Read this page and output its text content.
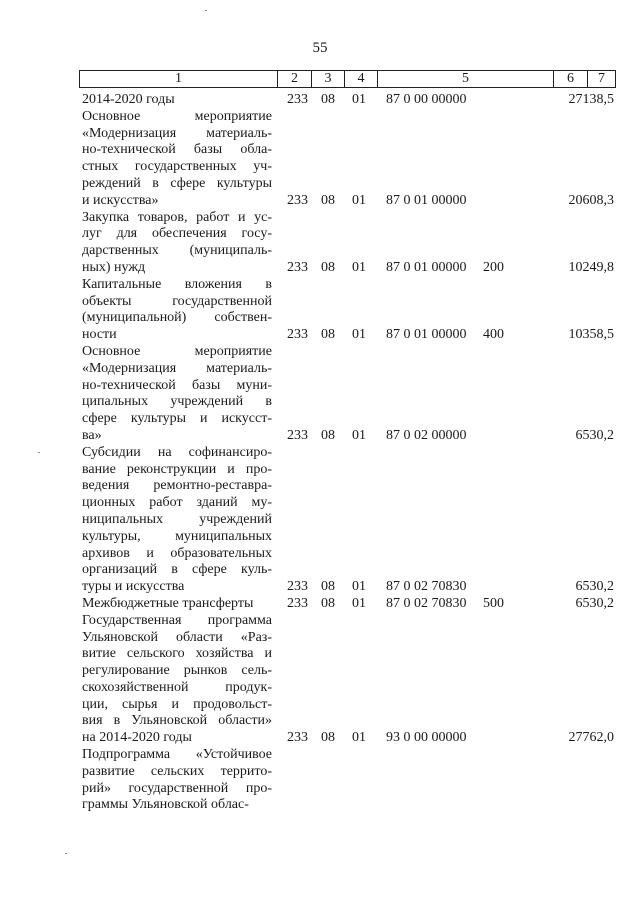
55
1	2	3	4	5	6	7
2014-2020 годы	233 08 01 87 0 00 00000	27138,5
Основное мероприятие
«Модернизация материаль-
но-технической базы обла-
стных государственных уч-
реждений в сфере культуры
и искусства»	233 08 01 87 0 01 00000	20608,3
Закупка товаров, работ и ус-
луг для обеспечения госу-
дарственных (муниципаль-
ных) нужд	233 08 01 87 0 01 00000 200	10249,8
Капитальные вложения в
объекты государственной
(муниципальной) собствен-
ности	233 08 01 87 0 01 00000 400	10358,5
Основное мероприятие
«Модернизация материаль-
но-технической базы муни-
ципальных учреждений в
сфере культуры и искусст-
ва»	233 08 01 87 0 02 00000	6530,2
Субсидии на софинансиро-
вание реконструкции и про-
ведения ремонтно-реставра-
ционных работ зданий му-
ниципальных учреждений
культуры, муниципальных
архивов и образовательных
организаций в сфере куль-
туры и искусства	233 08 01 87 0 02 70830	6530,2
Межбюджетные трансферты	233 08 01 87 0 02 70830 500	6530,2
Государственная программа
Ульяновской области «Раз-
витие сельского хозяйства и
регулирование рынков сель-
скохозяйственной продук-
ции, сырья и продовольст-
вия в Ульяновской области»
на 2014-2020 годы	233 08 01 93 0 00 00000	27762,0
Подпрограмма «Устойчивое
развитие сельских террито-
рий» государственной про-
граммы Ульяновской облас-
